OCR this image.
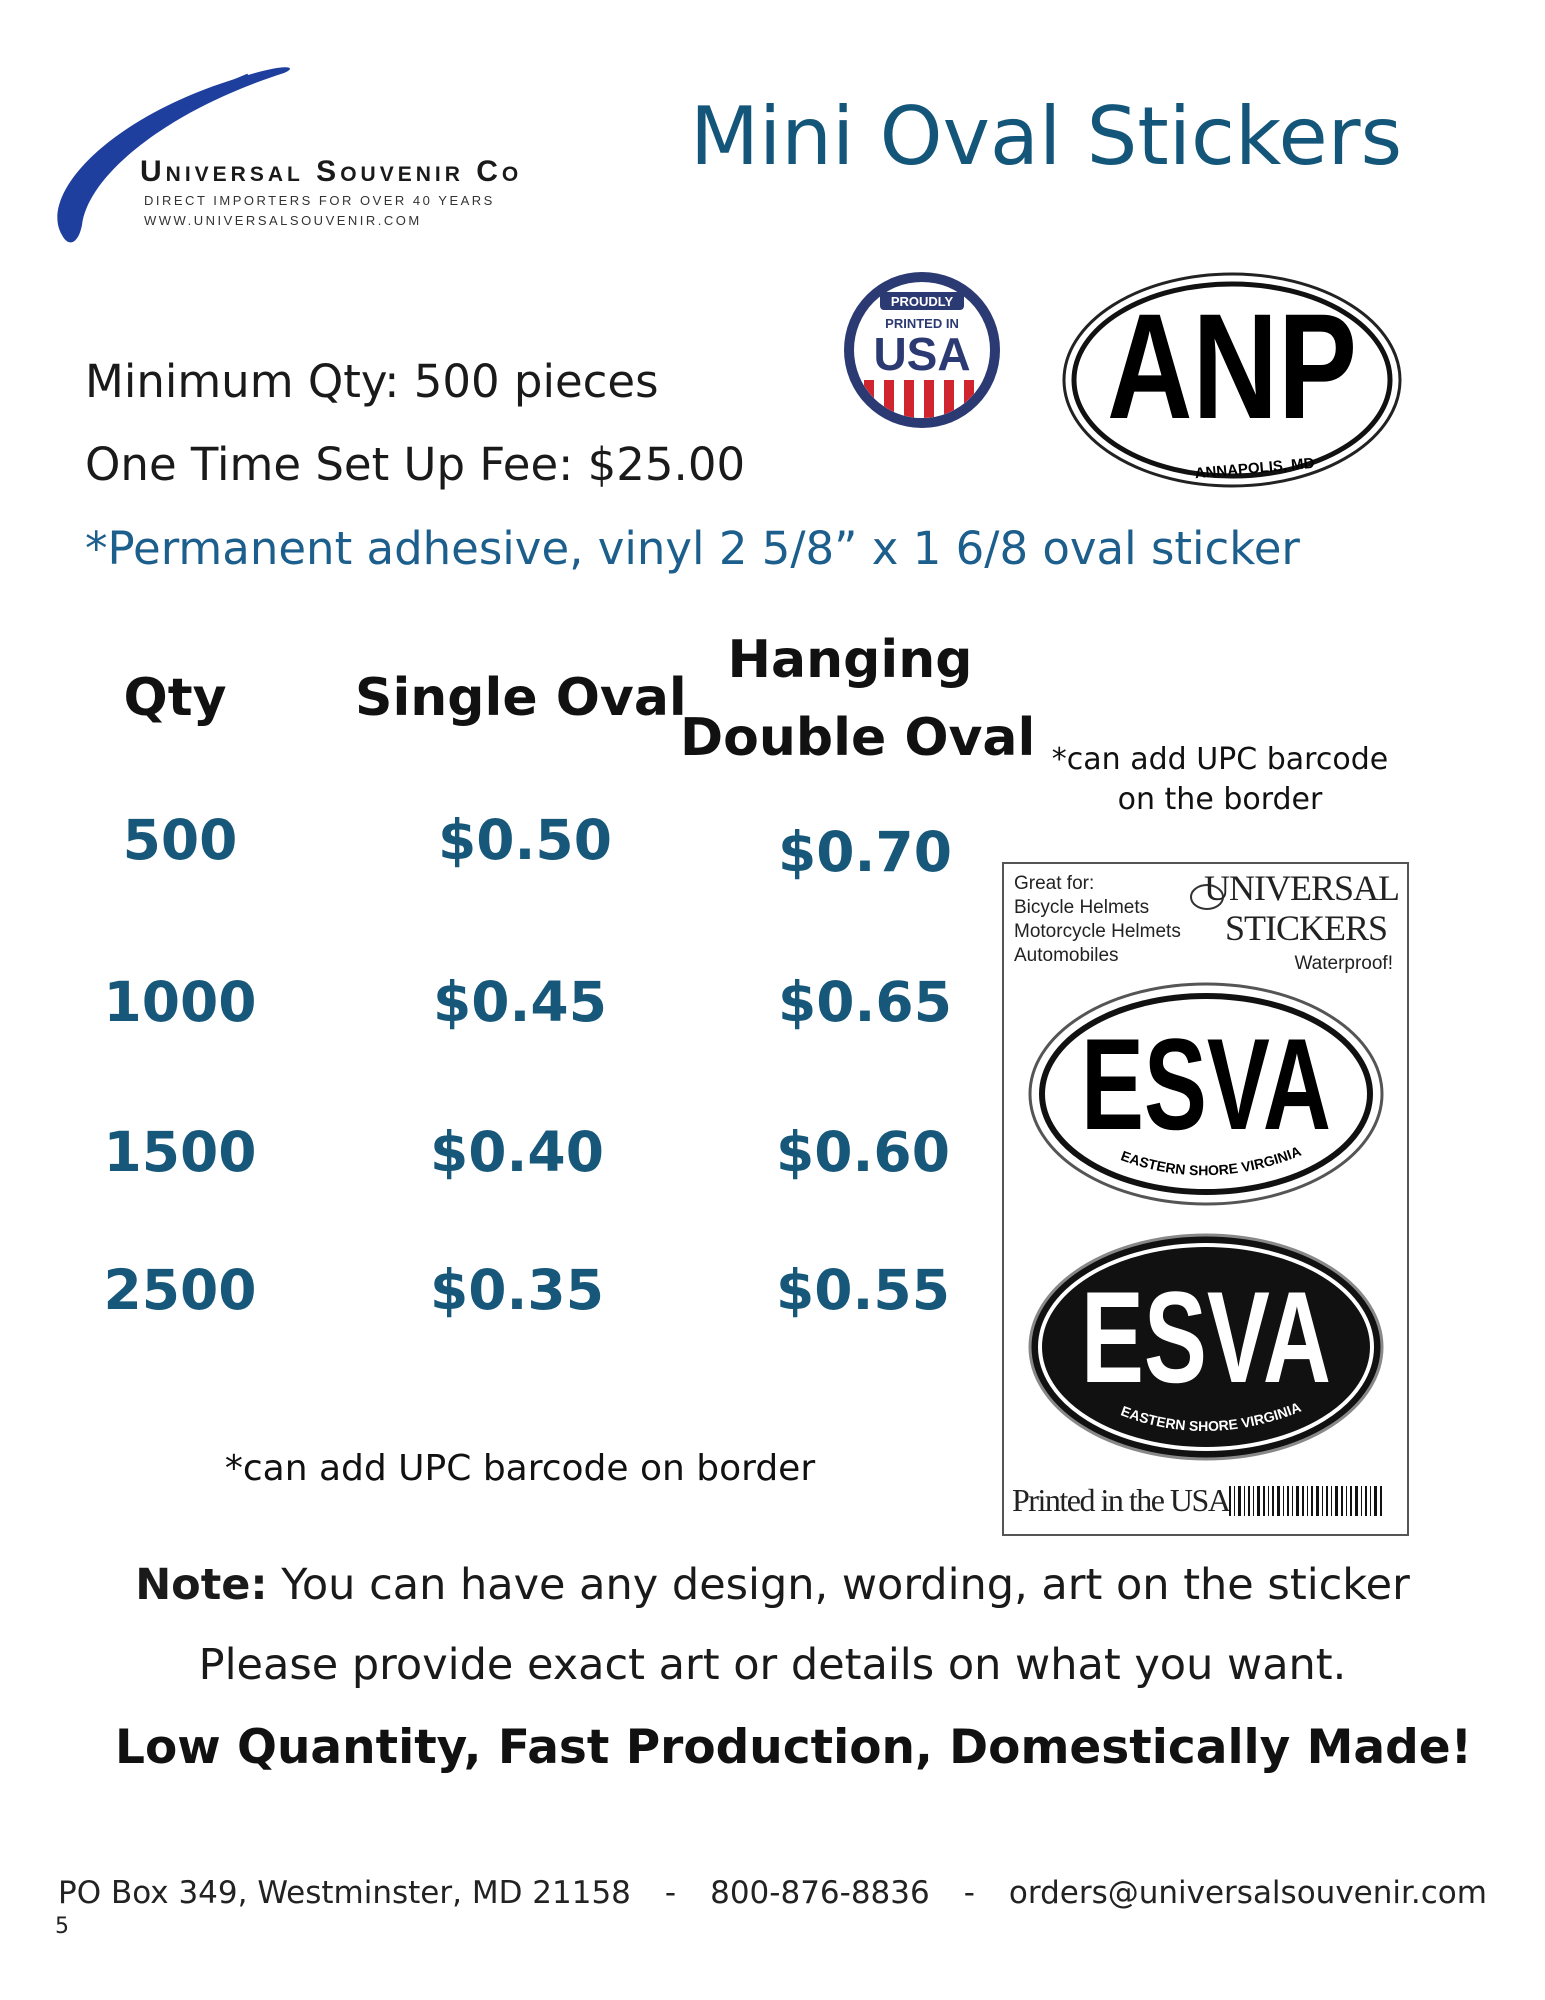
Universal Souvenir Co
DIRECT IMPORTERS FOR OVER 40 YEARS
WWW.UNIVERSALSOUVENIR.COM
Mini Oval Stickers
PROUDLY
PRINTED IN
USA ANP
ANNAPOLIS, MD
Minimum Qty: 500 pieces
One Time Set Up Fee: $25.00
*Permanent adhesive, vinyl 2 5/8” x 1 6/8 oval sticker
Qty	Single Oval
Hanging
Double Oval
500	$0.50	$0.70
1000	$0.45	$0.65
1500	$0.40	$0.60
2500	$0.35	$0.55
*can add UPC barcode on border
*can add UPC barcode
on the border
Great for:
Bicycle Helmets
Motorcycle Helmets
Automobiles
UNIVERSAL
STICKERS
Waterproof!
ESVA
EASTERN SHORE VIRGINIA
ESVA
EASTERN SHORE VIRGINIA
Printed in the USA
Note: You can have any design, wording, art on the sticker
Please provide exact art or details on what you want.
Low Quantity, Fast Production, Domestically Made!
PO Box 349, Westminster, MD 21158 - 800-876-8836 - orders@universalsouvenir.com
5
